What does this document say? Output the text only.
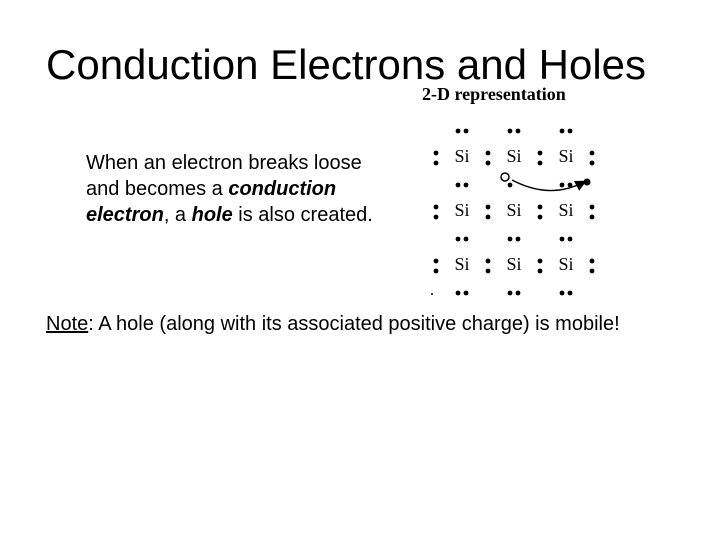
Conduction Electrons and Holes
2-D representation
When an electron breaks loose and becomes a conduction electron, a hole is also created.
Si Si Si
Si Si Si
Si Si Si
Note: A hole (along with its associated positive charge) is mobile!
